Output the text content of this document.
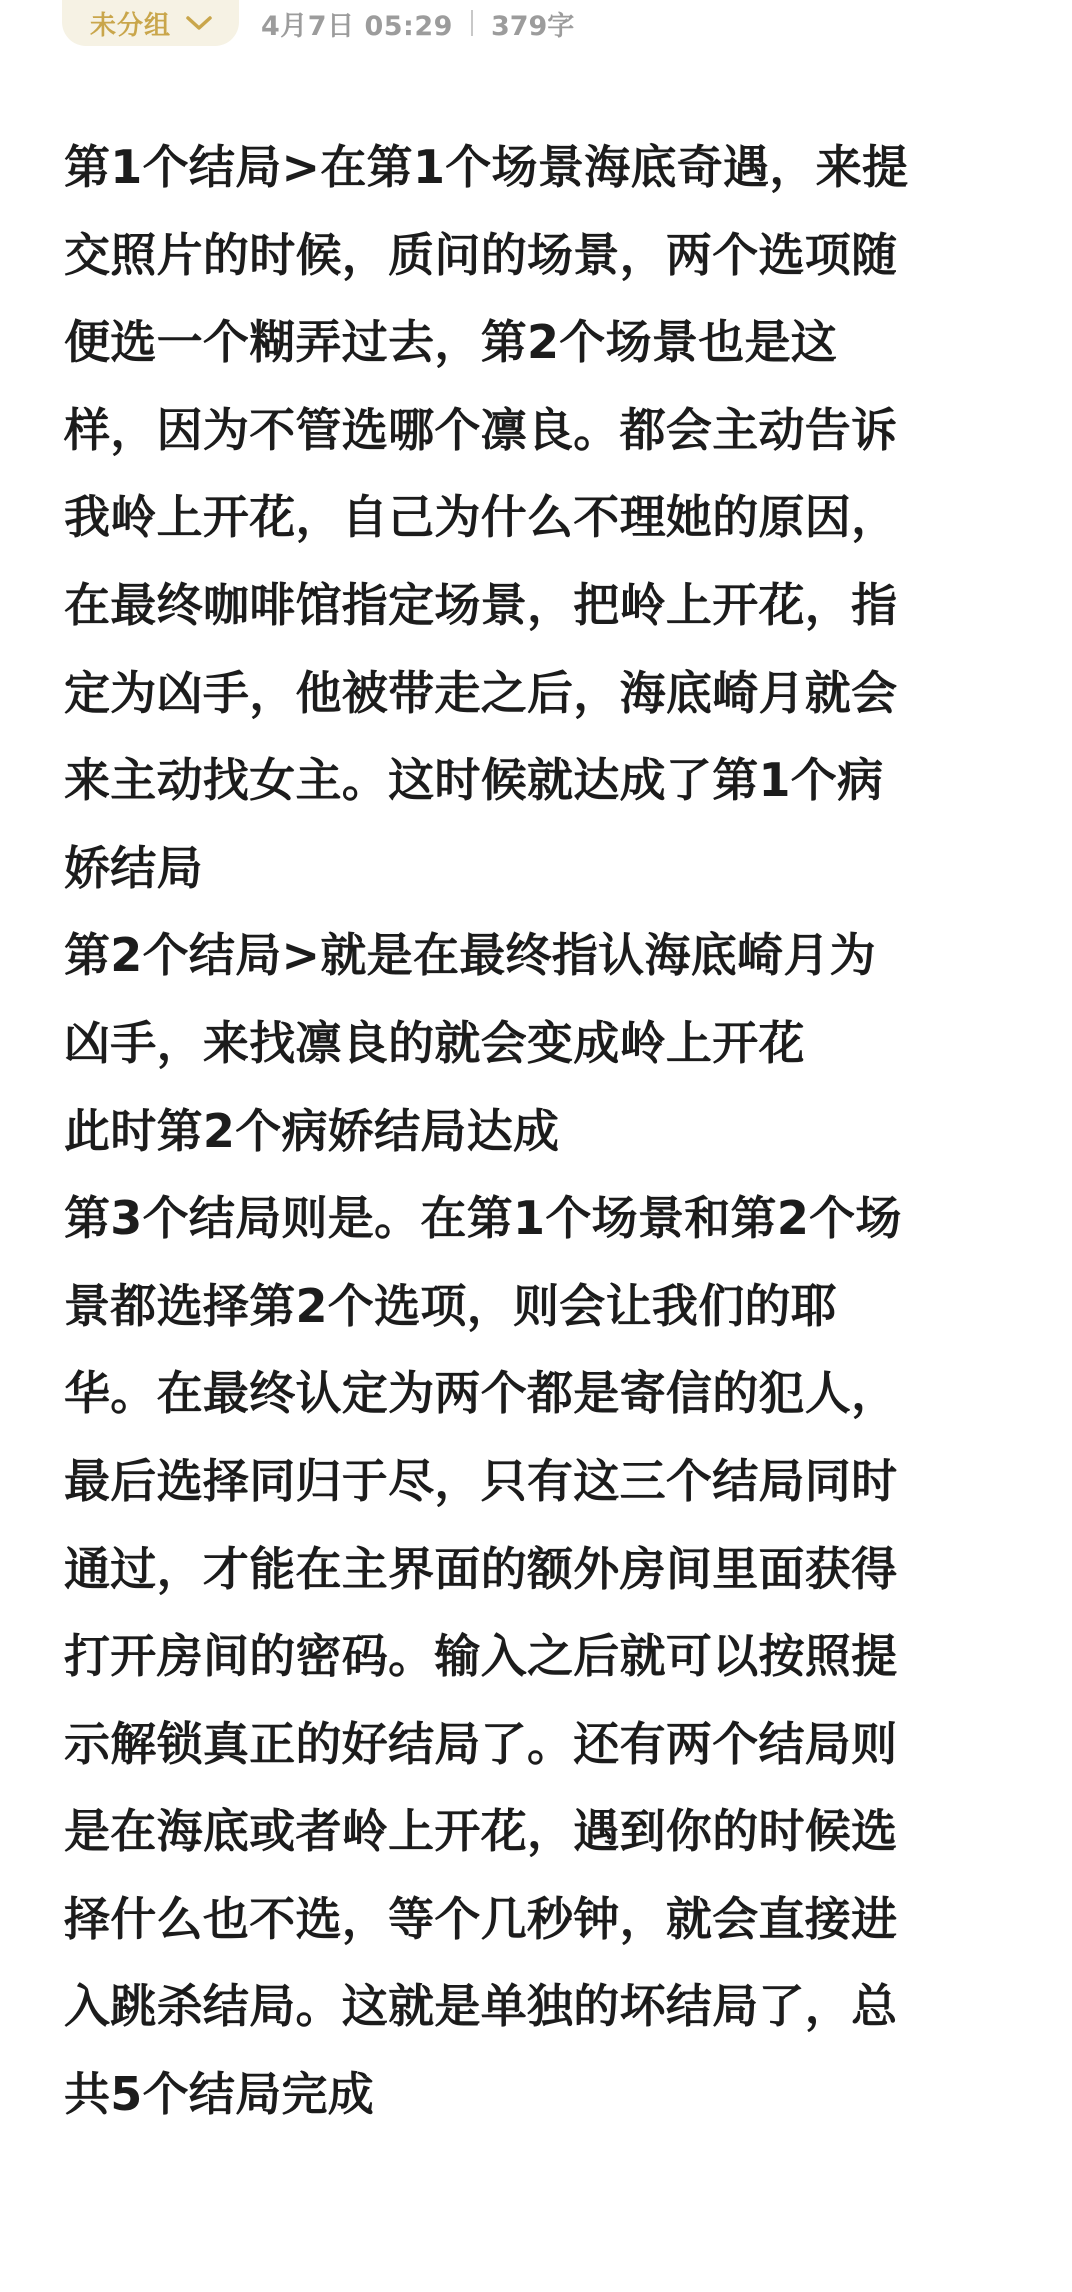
未分组	4月7日 05:29 379字
第1个结局>在第1个场景海底奇遇，来提
交照片的时候，质问的场景，两个选项随
便选一个糊弄过去，第2个场景也是这
样，因为不管选哪个凛良。都会主动告诉
我岭上开花，自己为什么不理她的原因，
在最终咖啡馆指定场景，把岭上开花，指
定为凶手，他被带走之后，海底崎月就会
来主动找女主。这时候就达成了第1个病
娇结局
第2个结局>就是在最终指认海底崎月为
凶手，来找凛良的就会变成岭上开花
此时第2个病娇结局达成
第3个结局则是。在第1个场景和第2个场
景都选择第2个选项，则会让我们的耶
华。在最终认定为两个都是寄信的犯人，
最后选择同归于尽，只有这三个结局同时
通过，才能在主界面的额外房间里面获得
打开房间的密码。输入之后就可以按照提
示解锁真正的好结局了。还有两个结局则
是在海底或者岭上开花，遇到你的时候选
择什么也不选，等个几秒钟，就会直接进
入跳杀结局。这就是单独的坏结局了，总
共5个结局完成
